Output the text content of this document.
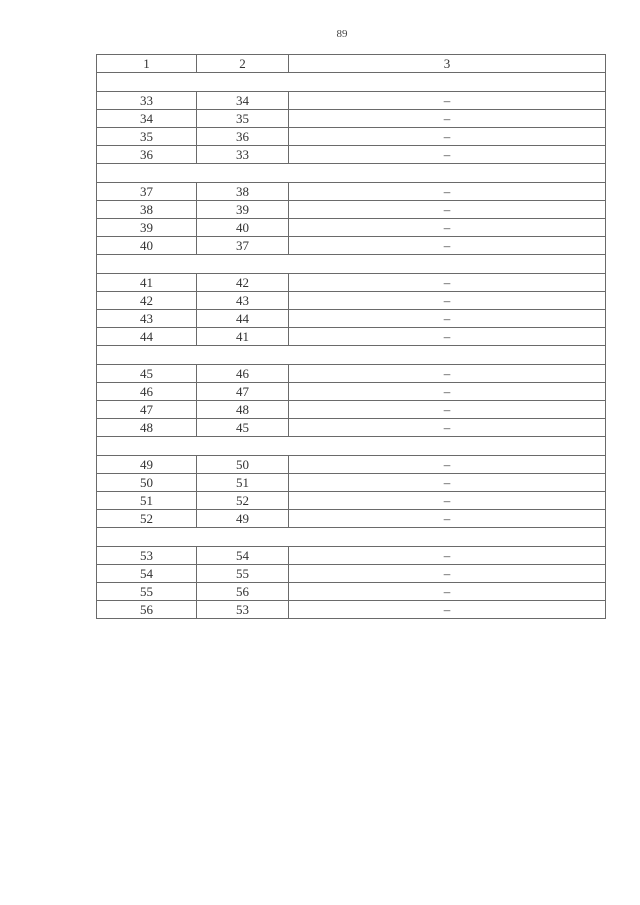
89
1	2	3

33	34	–
34	35	–
35	36	–
36	33	–

37	38	–
38	39	–
39	40	–
40	37	–

41	42	–
42	43	–
43	44	–
44	41	–

45	46	–
46	47	–
47	48	–
48	45	–

49	50	–
50	51	–
51	52	–
52	49	–

53	54	–
54	55	–
55	56	–
56	53	–
